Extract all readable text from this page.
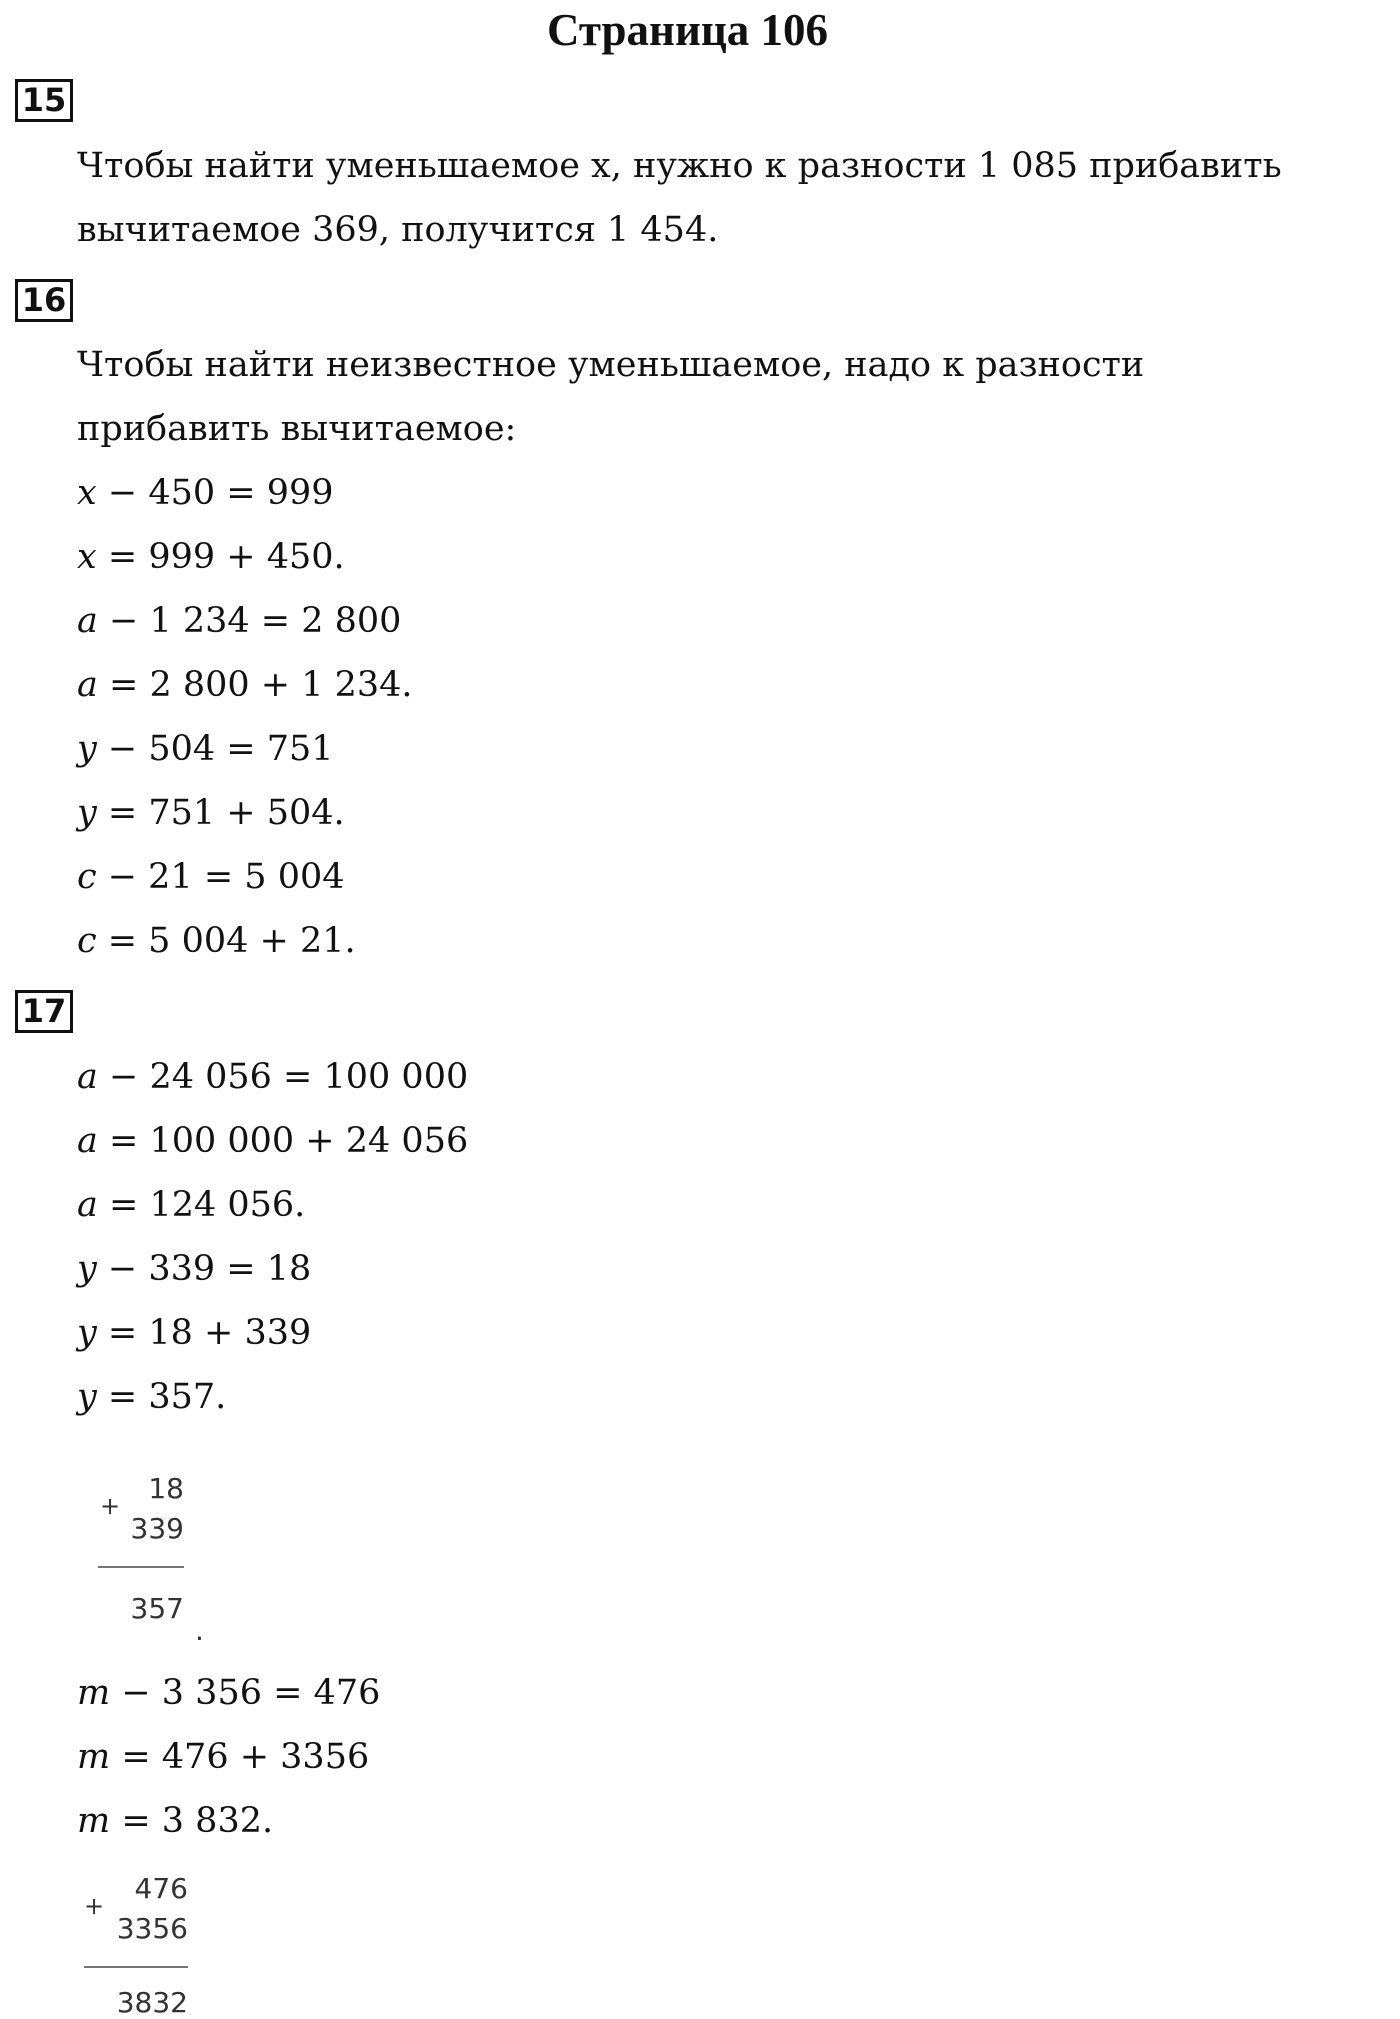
Страница 106
15

Чтобы найти уменьшаемое x, нужно к разности 1 085 прибавить

вычитаемое 369, получится 1 454.

16

Чтобы найти неизвестное уменьшаемое, надо к разности

прибавить вычитаемое:

x − 450 = 999

x = 999 + 450.

a − 1 234 = 2 800

a = 2 800 + 1 234.

y − 504 = 751

y = 751 + 504.

c − 21 = 5 004

c = 5 004 + 21.

17

a − 24 056 = 100 000

a = 100 000 + 24 056

a = 124 056.

y − 339 = 18

y = 18 + 339

y = 357.

+
18
339
357
.

m − 3 356 = 476

m = 476 + 3356

m = 3 832.

+
476
3356
3832
